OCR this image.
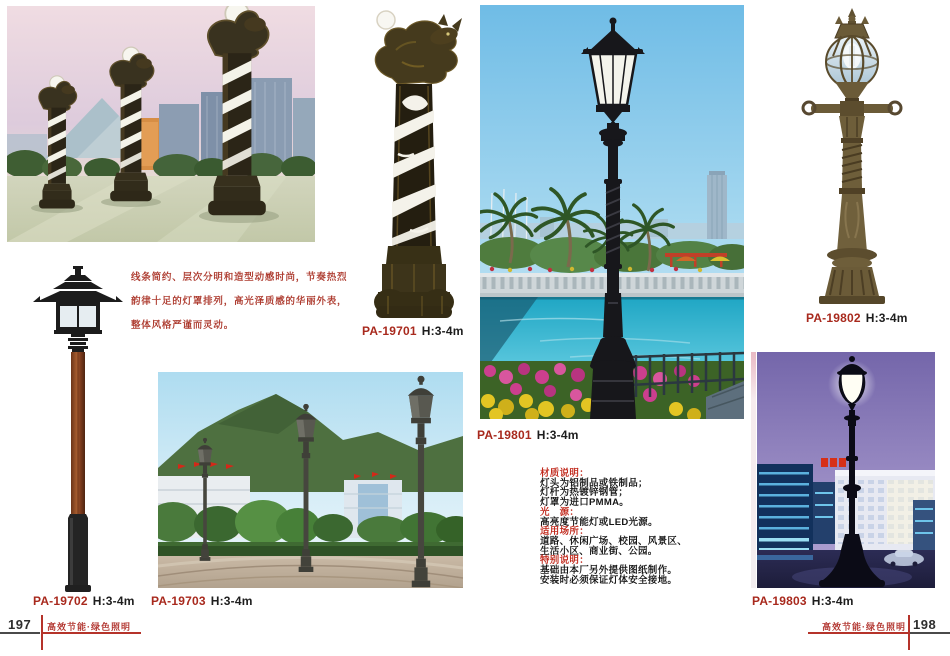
线条简约、层次分明和造型动感时尚，节奏热烈
韵律十足的灯罩排列，高光泽质感的华丽外表，
整体风格严谨而灵动。
PA-19702 H:3-4m
PA-19701 H:3-4m
PA-19703 H:3-4m
197 高效节能·绿色照明
PA-19801 H:3-4m
材质说明：
灯头为铝制品或铁制品；
灯杆为热镀锌钢管；
灯罩为进口PMMA。
光　源：
高亮度节能灯或LED光源。
适用场所：
道路、休闲广场、校园、风景区、
生活小区、商业街、公园。
特别说明：
基础由本厂另外提供图纸制作。
安装时必须保证灯体安全接地。
PA-19802 H:3-4m
PA-19803 H:3-4m
高效节能·绿色照明 198
